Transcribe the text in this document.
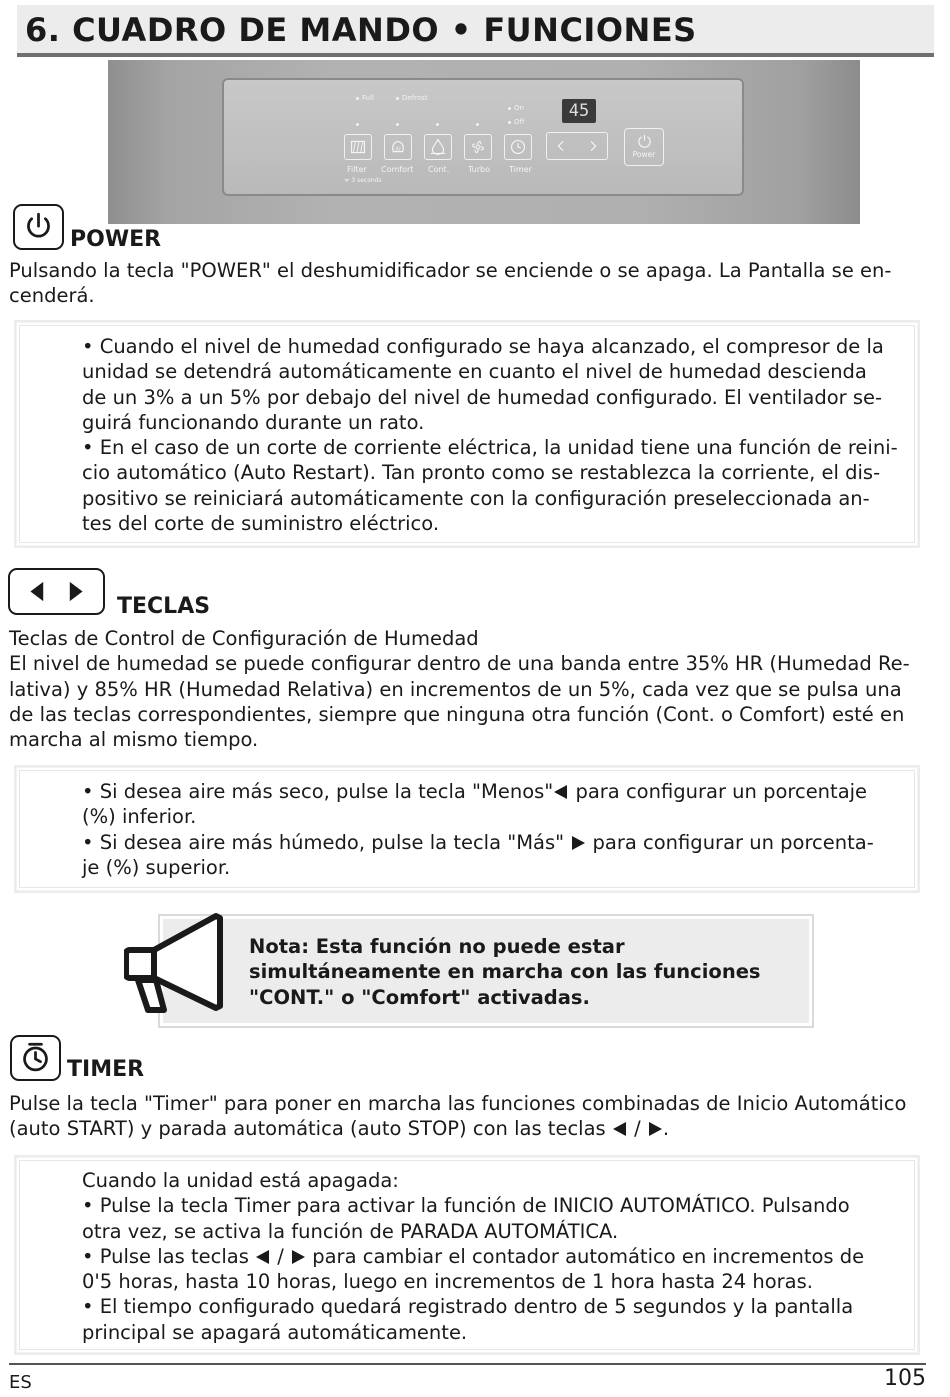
6. CUADRO DE MANDO • FUNCIONES
Full	Defrost
On
Off
45
AI
Filter Comfort Cont. Turbo Timer
ᯤ 3 seconds
Power
POWER
Pulsando la tecla "POWER" el deshumidificador se enciende o se apaga. La Pantalla se en-
cenderá.
• Cuando el nivel de humedad configurado se haya alcanzado, el compresor de la
unidad se detendrá automáticamente en cuanto el nivel de humedad descienda
de un 3% a un 5% por debajo del nivel de humedad configurado. El ventilador se-
guirá funcionando durante un rato.
• En el caso de un corte de corriente eléctrica, la unidad tiene una función de reini-
cio automático (Auto Restart). Tan pronto como se restablezca la corriente, el dis-
positivo se reiniciará automáticamente con la configuración preseleccionada an-
tes del corte de suministro eléctrico.
TECLAS
Teclas de Control de Configuración de Humedad
El nivel de humedad se puede configurar dentro de una banda entre 35% HR (Humedad Re-
lativa) y 85% HR (Humedad Relativa) en incrementos de un 5%, cada vez que se pulsa una
de las teclas correspondientes, siempre que ninguna otra función (Cont. o Comfort) esté en
marcha al mismo tiempo.
• Si desea aire más seco, pulse la tecla "Menos" para configurar un porcentaje
(%) inferior.
• Si desea aire más húmedo, pulse la tecla "Más"  para configurar un porcenta-
je (%) superior.
Nota: Esta función no puede estar
simultáneamente en marcha con las funciones
"CONT." o "Comfort" activadas.
TIMER
Pulse la tecla "Timer" para poner en marcha las funciones combinadas de Inicio Automático
(auto START) y parada automática (auto STOP) con las teclas  / .
Cuando la unidad está apagada:
• Pulse la tecla Timer para activar la función de INICIO AUTOMÁTICO. Pulsando
otra vez, se activa la función de PARADA AUTOMÁTICA.
• Pulse las teclas  /  para cambiar el contador automático en incrementos de
0'5 horas, hasta 10 horas, luego en incrementos de 1 hora hasta 24 horas.
• El tiempo configurado quedará registrado dentro de 5 segundos y la pantalla
principal se apagará automáticamente.
ES	105
